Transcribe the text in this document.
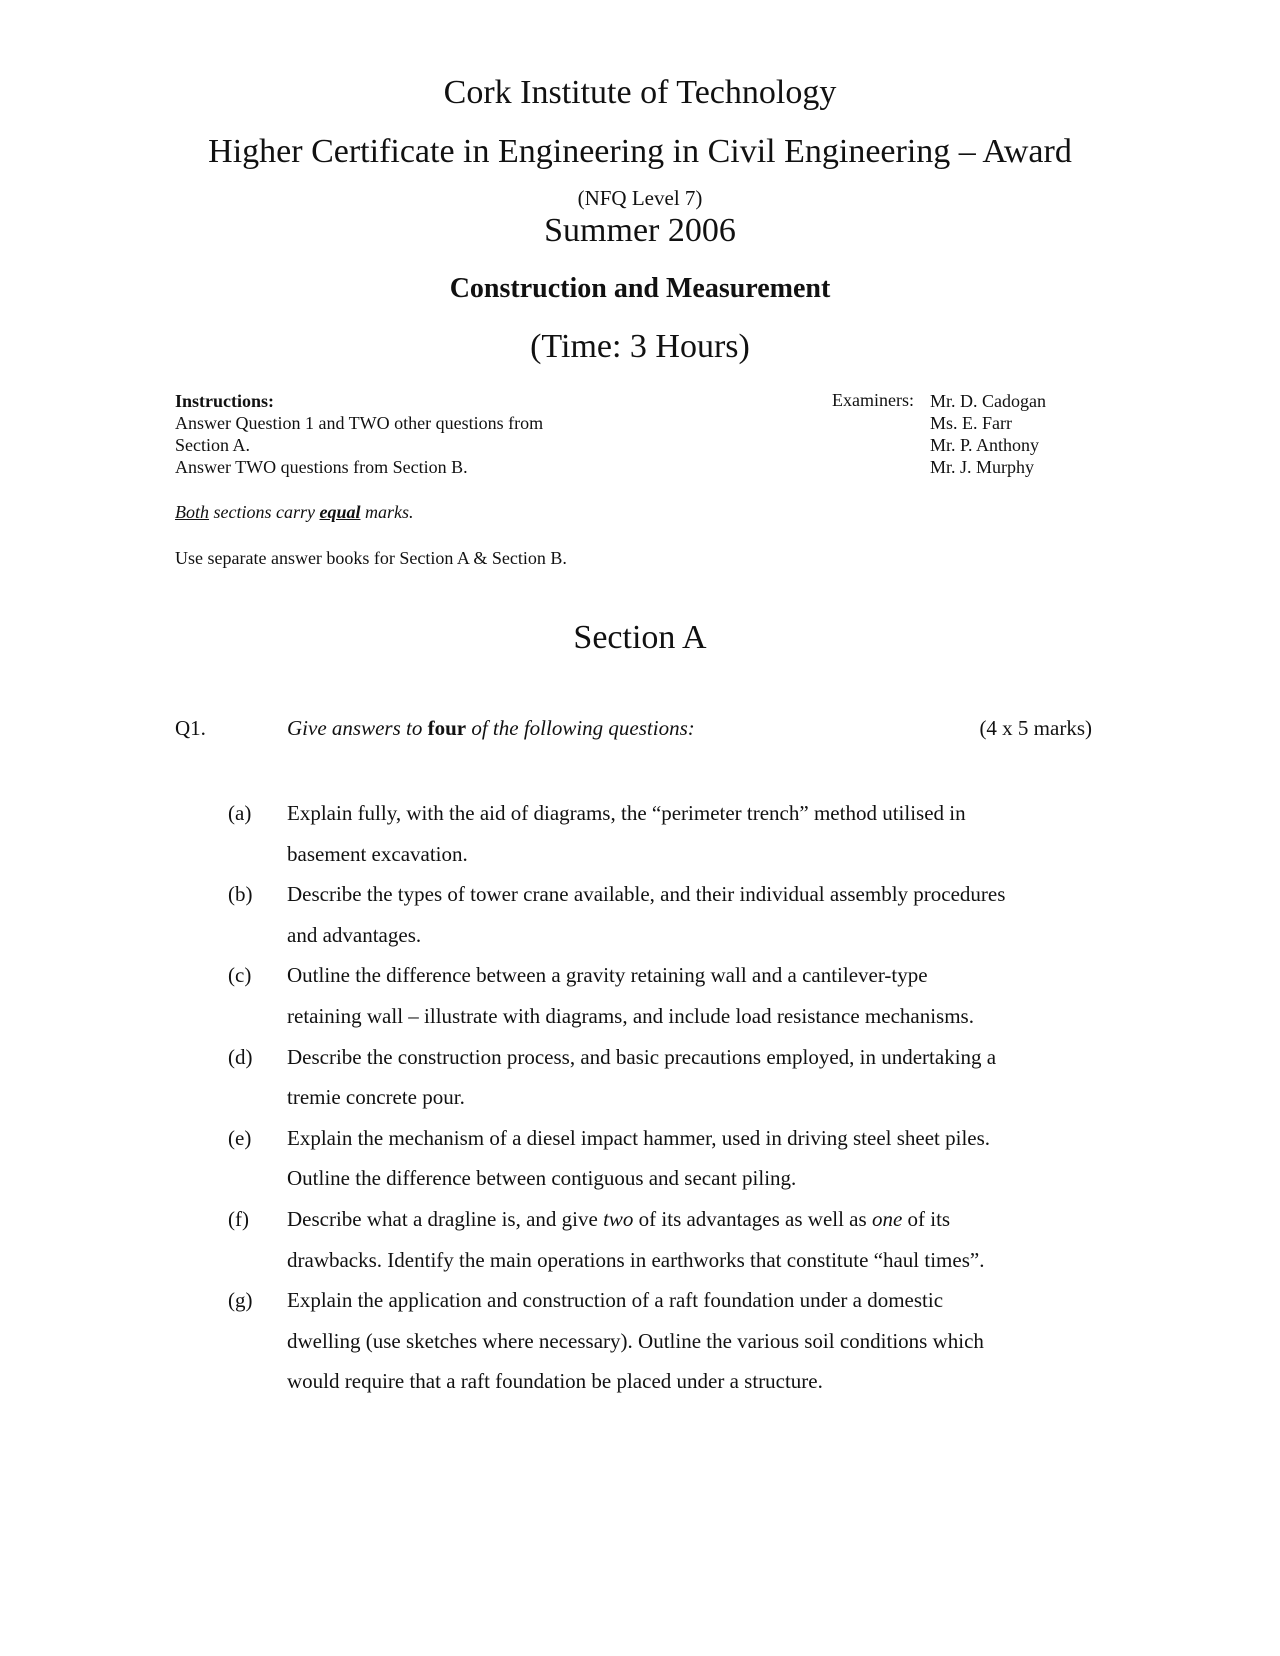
Cork Institute of Technology
Higher Certificate in Engineering in Civil Engineering – Award
(NFQ Level 7)
Summer 2006
Construction and Measurement
(Time: 3 Hours)
Instructions:
Answer Question 1 and TWO other questions from
Section A.
Answer TWO questions from Section B.
Both sections carry equal marks.
Use separate answer books for Section A & Section B.
Examiners: Mr. D. Cadogan
Ms. E. Farr
Mr. P. Anthony
Mr. J. Murphy
Section A
Q1.	Give answers to four of the following questions:	(4 x 5 marks)
(a)	Explain fully, with the aid of diagrams, the “perimeter trench” method utilised in
basement excavation.
(b)	Describe the types of tower crane available, and their individual assembly procedures
and advantages.
(c)	Outline the difference between a gravity retaining wall and a cantilever-type
retaining wall – illustrate with diagrams, and include load resistance mechanisms.
(d)	Describe the construction process, and basic precautions employed, in undertaking a
tremie concrete pour.
(e)	Explain the mechanism of a diesel impact hammer, used in driving steel sheet piles.
Outline the difference between contiguous and secant piling.
(f)	Describe what a dragline is, and give two of its advantages as well as one of its
drawbacks. Identify the main operations in earthworks that constitute “haul times”.
(g)	Explain the application and construction of a raft foundation under a domestic
dwelling (use sketches where necessary). Outline the various soil conditions which
would require that a raft foundation be placed under a structure.
